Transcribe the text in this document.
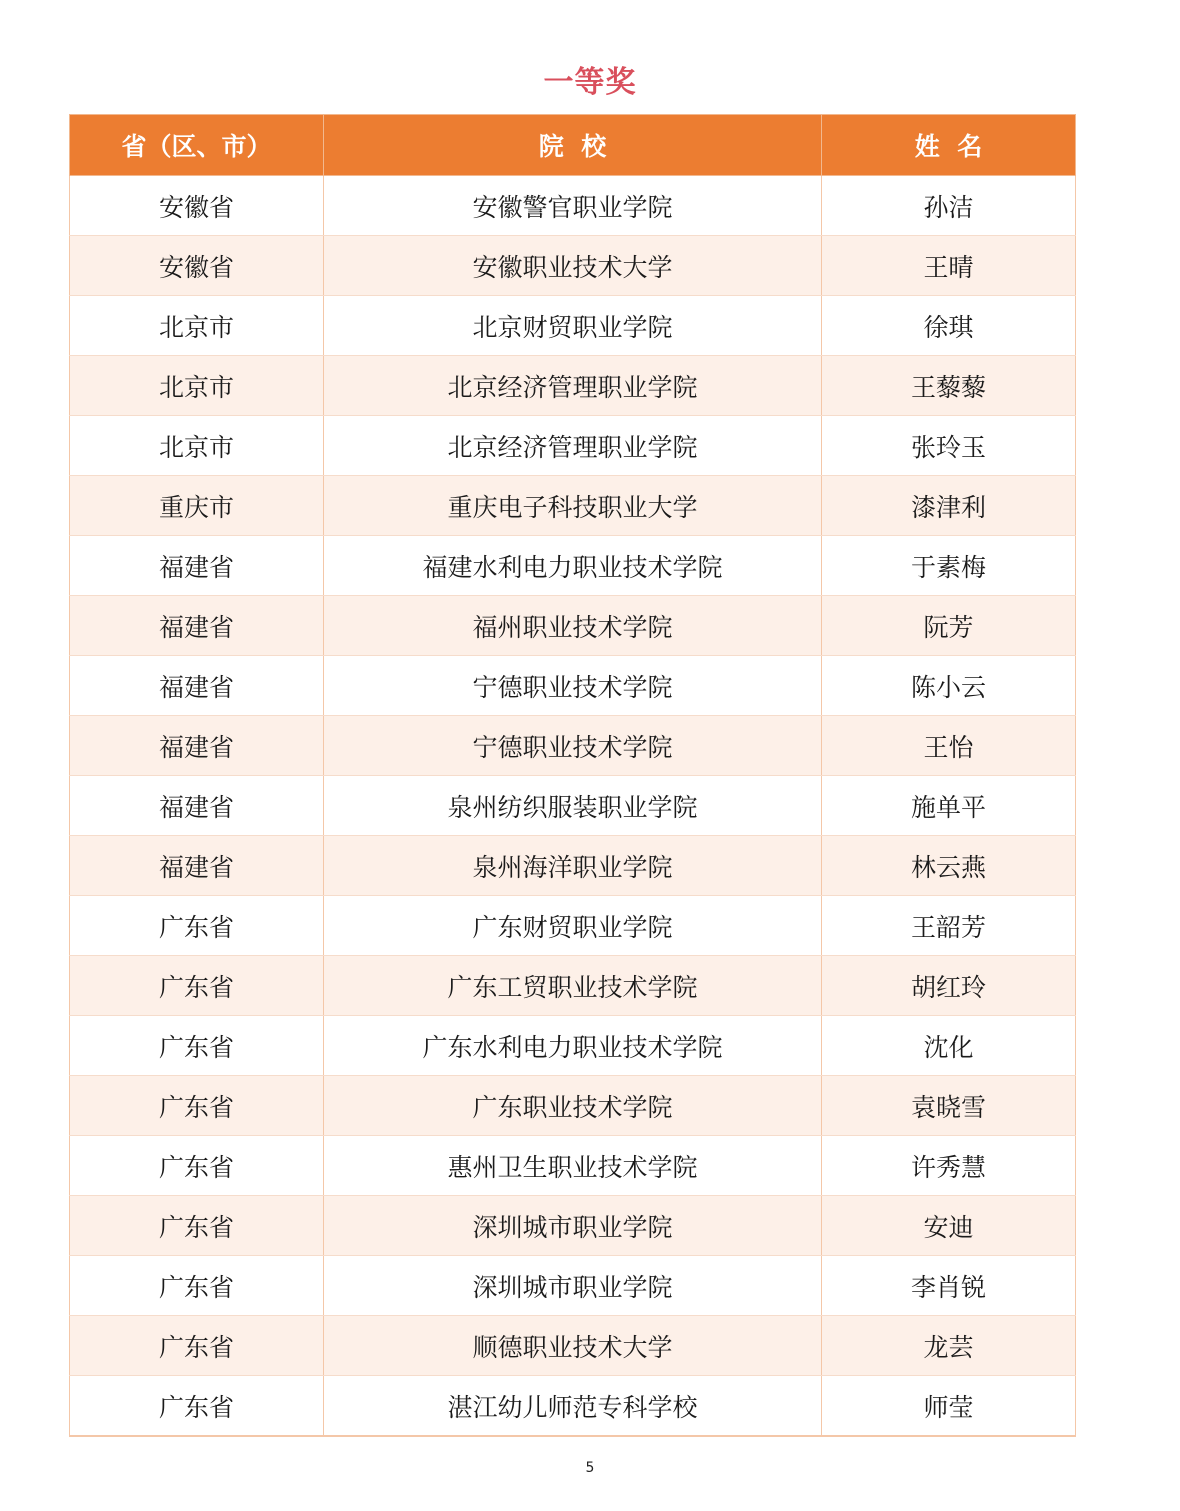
一等奖
省（区、市）	院  校	姓  名
安徽省	安徽警官职业学院	孙洁
安徽省	安徽职业技术大学	王晴
北京市	北京财贸职业学院	徐琪
北京市	北京经济管理职业学院	王藜藜
北京市	北京经济管理职业学院	张玲玉
重庆市	重庆电子科技职业大学	漆津利
福建省	福建水利电力职业技术学院	于素梅
福建省	福州职业技术学院	阮芳
福建省	宁德职业技术学院	陈小云
福建省	宁德职业技术学院	王怡
福建省	泉州纺织服装职业学院	施单平
福建省	泉州海洋职业学院	林云燕
广东省	广东财贸职业学院	王韶芳
广东省	广东工贸职业技术学院	胡红玲
广东省	广东水利电力职业技术学院	沈化
广东省	广东职业技术学院	袁晓雪
广东省	惠州卫生职业技术学院	许秀慧
广东省	深圳城市职业学院	安迪
广东省	深圳城市职业学院	李肖锐
广东省	顺德职业技术大学	龙芸
广东省	湛江幼儿师范专科学校	师莹
5
